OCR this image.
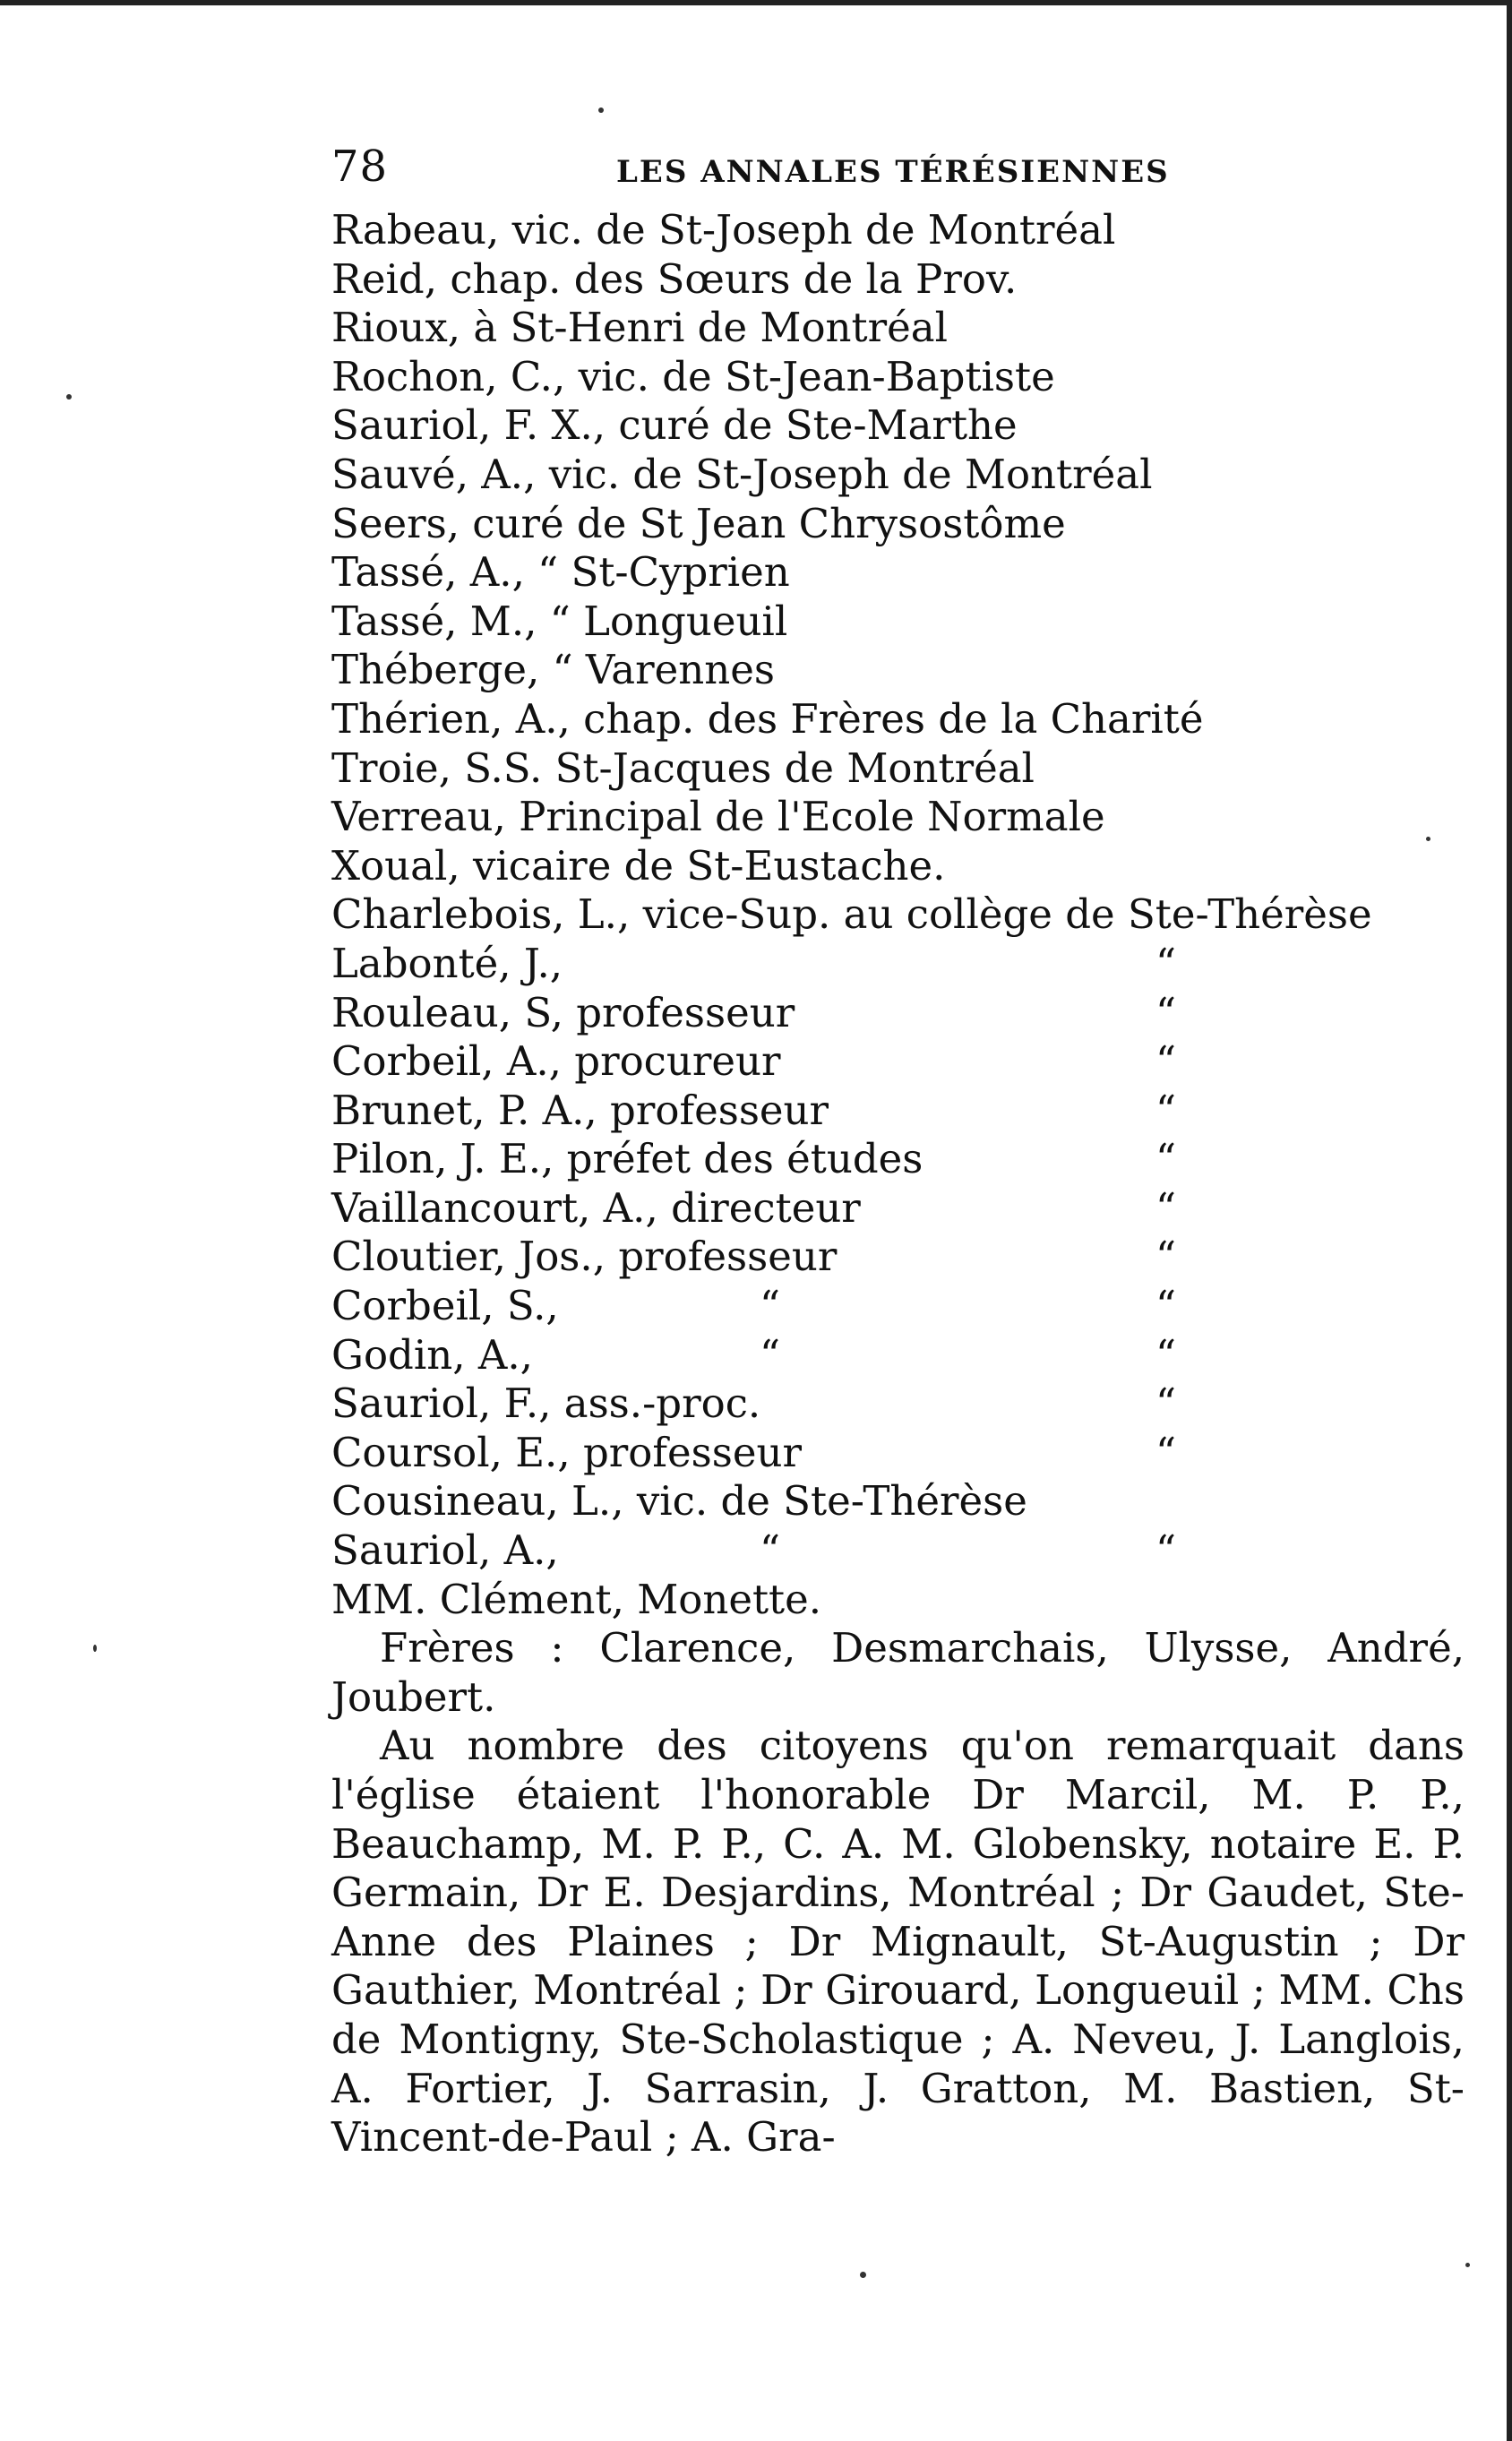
78	LES ANNALES TÉRÉSIENNES
Rabeau, vic. de St-Joseph de Montréal
Reid, chap. des Sœurs de la Prov.
Rioux, à St-Henri de Montréal
Rochon, C., vic. de St-Jean-Baptiste
Sauriol, F. X., curé de Ste-Marthe
Sauvé, A., vic. de St-Joseph de Montréal
Seers, curé de St Jean Chrysostôme
Tassé, A., “ St-Cyprien
Tassé, M., “ Longueuil
Théberge, “ Varennes
Thérien, A., chap. des Frères de la Charité
Troie, S.S. St-Jacques de Montréal
Verreau, Principal de l'Ecole Normale
Xoual, vicaire de St-Eustache.
Charlebois, L., vice-Sup. au collège de Ste-Thérèse
Labonté, J.,	“
Rouleau, S, professeur	“
Corbeil, A., procureur	“
Brunet, P. A., professeur	“
Pilon, J. E., préfet des études	“
Vaillancourt, A., directeur	“
Cloutier, Jos., professeur	“
Corbeil, S.,	“	“
Godin, A.,	“	“
Sauriol, F., ass.-proc.	“
Coursol, E., professeur	“
Cousineau, L., vic. de Ste-Thérèse
Sauriol, A.,	“	“
MM. Clément, Monette.

Frères : Clarence, Desmarchais, Ulysse, André, Joubert.

Au nombre des citoyens qu'on remarquait dans l'église étaient l'honorable Dr Marcil, M. P. P., Beauchamp, M. P. P., C. A. M. Globensky, notaire E. P. Germain, Dr E. Desjardins, Montréal ; Dr Gaudet, Ste-Anne des Plaines ; Dr Mignault, St-Augustin ; Dr Gauthier, Montréal ; Dr Girouard, Longueuil ; MM. Chs de Montigny, Ste-Scholastique ; A. Neveu, J. Langlois, A. Fortier, J. Sarrasin, J. Gratton, M. Bastien, St-Vincent-de-Paul ; A. Gra-
